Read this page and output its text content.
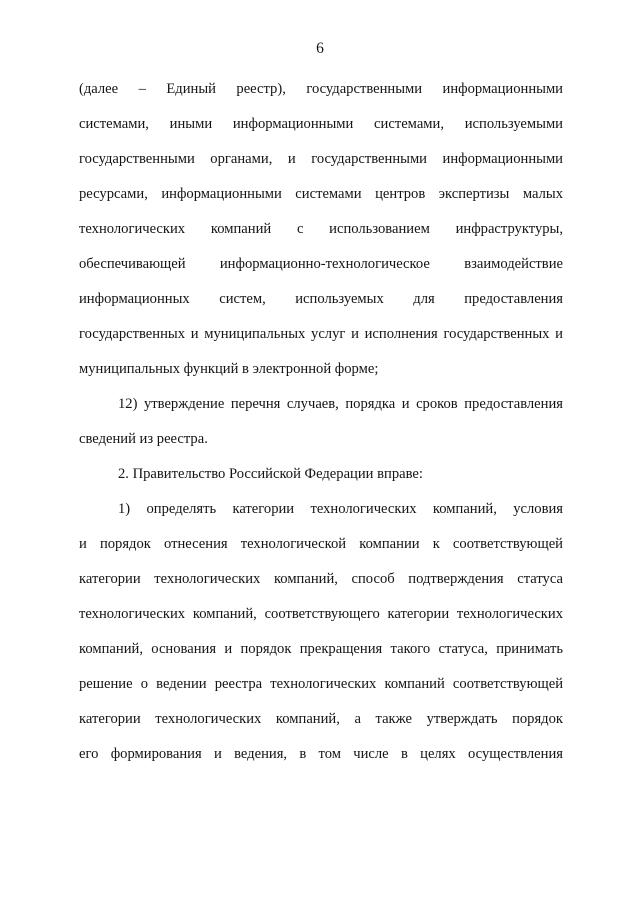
6
(далее – Единый реестр), государственными информационными
системами, иными информационными системами, используемыми
государственными органами, и государственными информационными
ресурсами, информационными системами центров экспертизы малых
технологических компаний с использованием инфраструктуры,
обеспечивающей информационно-технологическое взаимодействие
информационных систем, используемых для предоставления
государственных и муниципальных услуг и исполнения государственных и
муниципальных функций в электронной форме;
12) утверждение перечня случаев, порядка и сроков предоставления
сведений из реестра.
2. Правительство Российской Федерации вправе:
1) определять категории технологических компаний, условия
и порядок отнесения технологической компании к соответствующей
категории технологических компаний, способ подтверждения статуса
технологических компаний, соответствующего категории технологических
компаний, основания и порядок прекращения такого статуса, принимать
решение о ведении реестра технологических компаний соответствующей
категории технологических компаний, а также утверждать порядок
его формирования и ведения, в том числе в целях осуществления
